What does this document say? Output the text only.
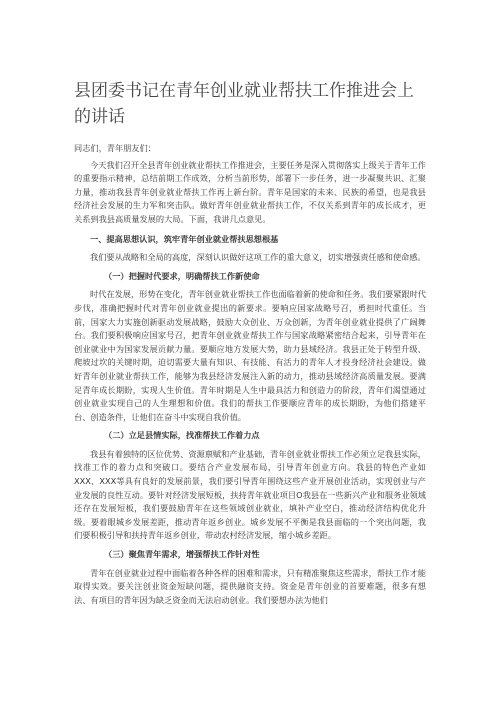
县团委书记在青年创业就业帮扶工作推进会上的讲话

同志们，青年朋友们：

今天我们召开全县青年创业就业帮扶工作推进会，主要任务是深入贯彻落实上级关于青年工作的重要指示精神，总结前期工作成效，分析当前形势，部署下一步任务，进一步凝聚共识、汇聚力量，推动我县青年创业就业帮扶工作再上新台阶。青年是国家的未来、民族的希望，也是我县经济社会发展的生力军和突击队。做好青年创业就业帮扶工作，不仅关系到青年的成长成才，更关系到我县高质量发展的大局。下面，我讲几点意见。

一、提高思想认识，筑牢青年创业就业帮扶思想根基

我们要从战略和全局的高度，深刻认识做好这项工作的重大意义，切实增强责任感和使命感。

（一）把握时代要求，明确帮扶工作新使命

时代在发展，形势在变化，青年创业就业帮扶工作也面临着新的使命和任务。我们要紧跟时代步伐，准确把握时代对青年创业就业提出的新要求。要响应国家战略号召，勇担时代重任。当前，国家大力实施创新驱动发展战略，鼓励大众创业、万众创新，为青年创业就业提供了广阔舞台。我们要积极响应国家号召，把青年创业就业帮扶工作与国家战略紧密结合起来，引导青年在创业就业中为国家发展贡献力量。要顺应地方发展大势，助力县域经济。我县正处于转型升级、爬坡过坎的关键时期，迫切需要大量有知识、有技能、有活力的青年人才投身经济社会建设。做好青年创业就业帮扶工作，能够为我县经济发展注入新的动力，推动县域经济高质量发展。要满足青年成长期盼，实现人生价值。青年时期是人生中最具活力和创造力的阶段，青年们渴望通过创业就业实现自己的人生理想和价值。我们的帮扶工作要顺应青年的成长期盼，为他们搭建平台、创造条件，让他们在奋斗中实现自我价值。

（二）立足县情实际，找准帮扶工作着力点

我县有着独特的区位优势、资源禀赋和产业基础，青年创业就业帮扶工作必须立足我县实际，找准工作的着力点和突破口。要结合产业发展布局，引导青年创业方向。我县的特色产业如XXX、XXX等具有良好的发展前景，我们要引导青年围绕这些产业开展创业活动，实现创业与产业发展的良性互动。要针对经济发展短板，扶持青年就业项目O我县在一些新兴产业和服务业领域还存在发展短板，我们要鼓励青年在这些领域创业就业，填补产业空白，推动经济结构优化升级。要着眼城乡发展差距，推动青年返乡创业。城乡发展不平衡是我县面临的一个突出问题，我们要积极引导和扶持青年返乡创业，带动农村经济发展，缩小城乡差距。

（三）聚焦青年需求，增强帮扶工作针对性

青年在创业就业过程中面临着各种各样的困难和需求，只有精准聚焦这些需求，帮扶工作才能取得实效。要关注创业资金短缺问题，提供融资支持。资金是青年创业的首要难题，很多有想法、有项目的青年因为缺乏资金而无法启动创业。我们要想办法为他们
